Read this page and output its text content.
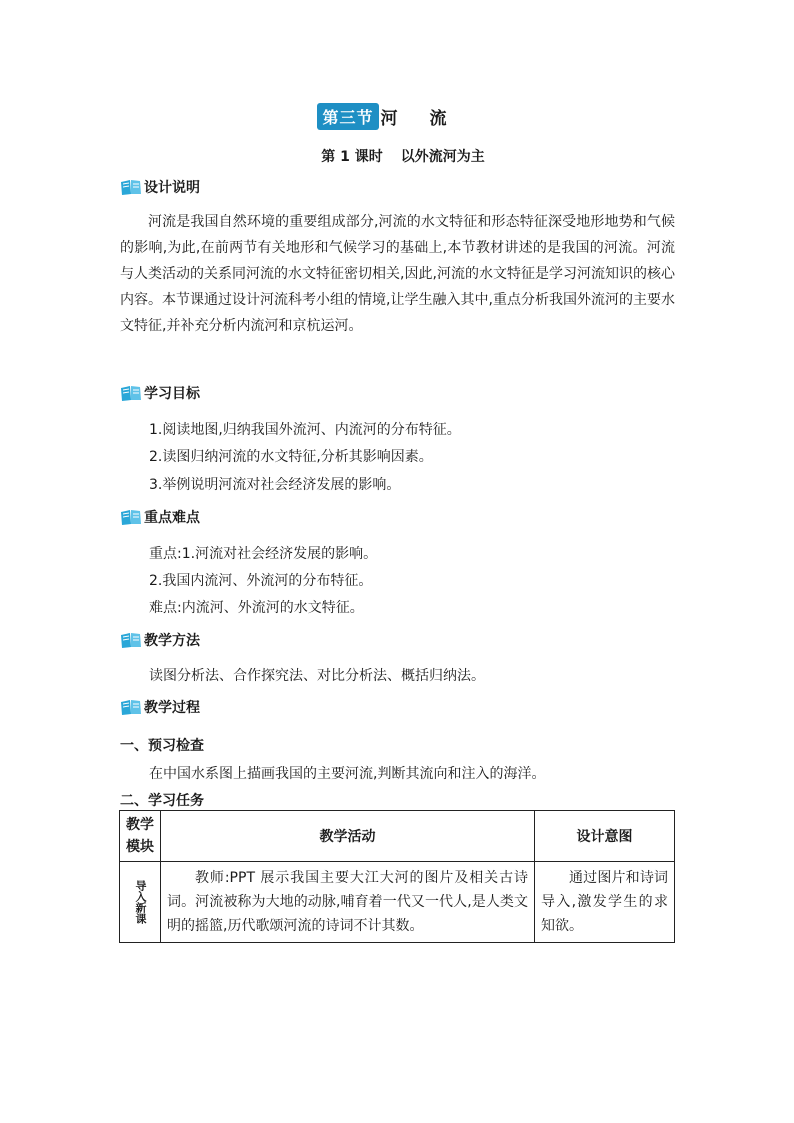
第三节 河流
第 1 课时 以外流河为主
设计说明
河流是我国自然环境的重要组成部分,河流的水文特征和形态特征深受地形地势和气候的影响,为此,在前两节有关地形和气候学习的基础上,本节教材讲述的是我国的河流。河流与人类活动的关系同河流的水文特征密切相关,因此,河流的水文特征是学习河流知识的核心内容。本节课通过设计河流科考小组的情境,让学生融入其中,重点分析我国外流河的主要水文特征,并补充分析内流河和京杭运河。
学习目标
1.阅读地图,归纳我国外流河、内流河的分布特征。
2.读图归纳河流的水文特征,分析其影响因素。
3.举例说明河流对社会经济发展的影响。
重点难点
重点:1.河流对社会经济发展的影响。
2.我国内流河、外流河的分布特征。
难点:内流河、外流河的水文特征。
教学方法
读图分析法、合作探究法、对比分析法、概括归纳法。
教学过程
一、预习检查
在中国水系图上描画我国的主要河流,判断其流向和注入的海洋。
二、学习任务
教学模块	教学活动	设计意图
导入新课	教师:PPT 展示我国主要大江大河的图片及相关古诗词。河流被称为大地的动脉,哺育着一代又一代人,是人类文明的摇篮,历代歌颂河流的诗词不计其数。	通过图片和诗词导入,激发学生的求知欲。
